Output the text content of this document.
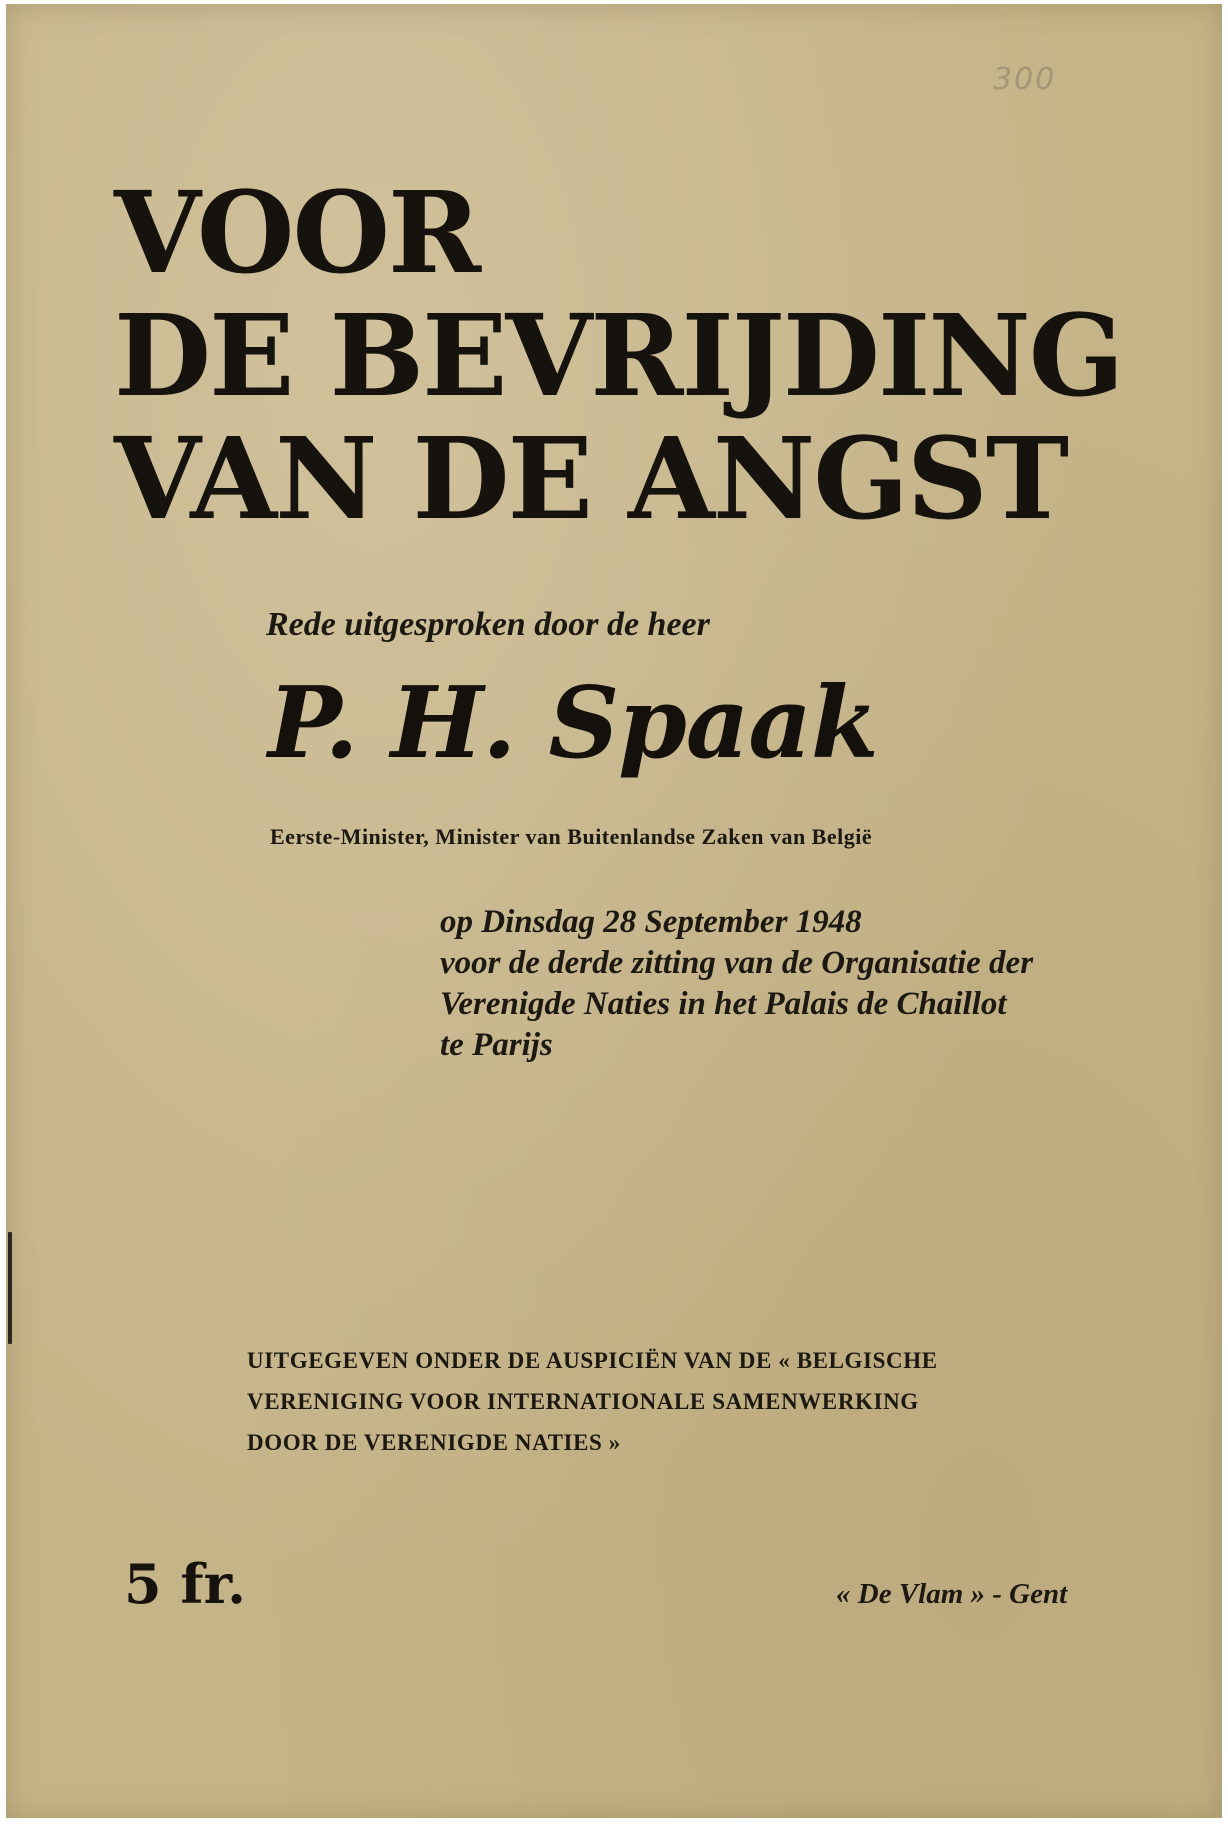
300
VOOR
DE BEVRIJDING
VAN DE ANGST
Rede uitgesproken door de heer
P. H. Spaak
Eerste-Minister, Minister van Buitenlandse Zaken van België
op Dinsdag 28 September 1948
voor de derde zitting van de Organisatie der
Verenigde Naties in het Palais de Chaillot
te Parijs
UITGEGEVEN ONDER DE AUSPICIËN VAN DE « BELGISCHE
VERENIGING VOOR INTERNATIONALE SAMENWERKING
DOOR DE VERENIGDE NATIES »
5 fr.	« De Vlam » - Gent
